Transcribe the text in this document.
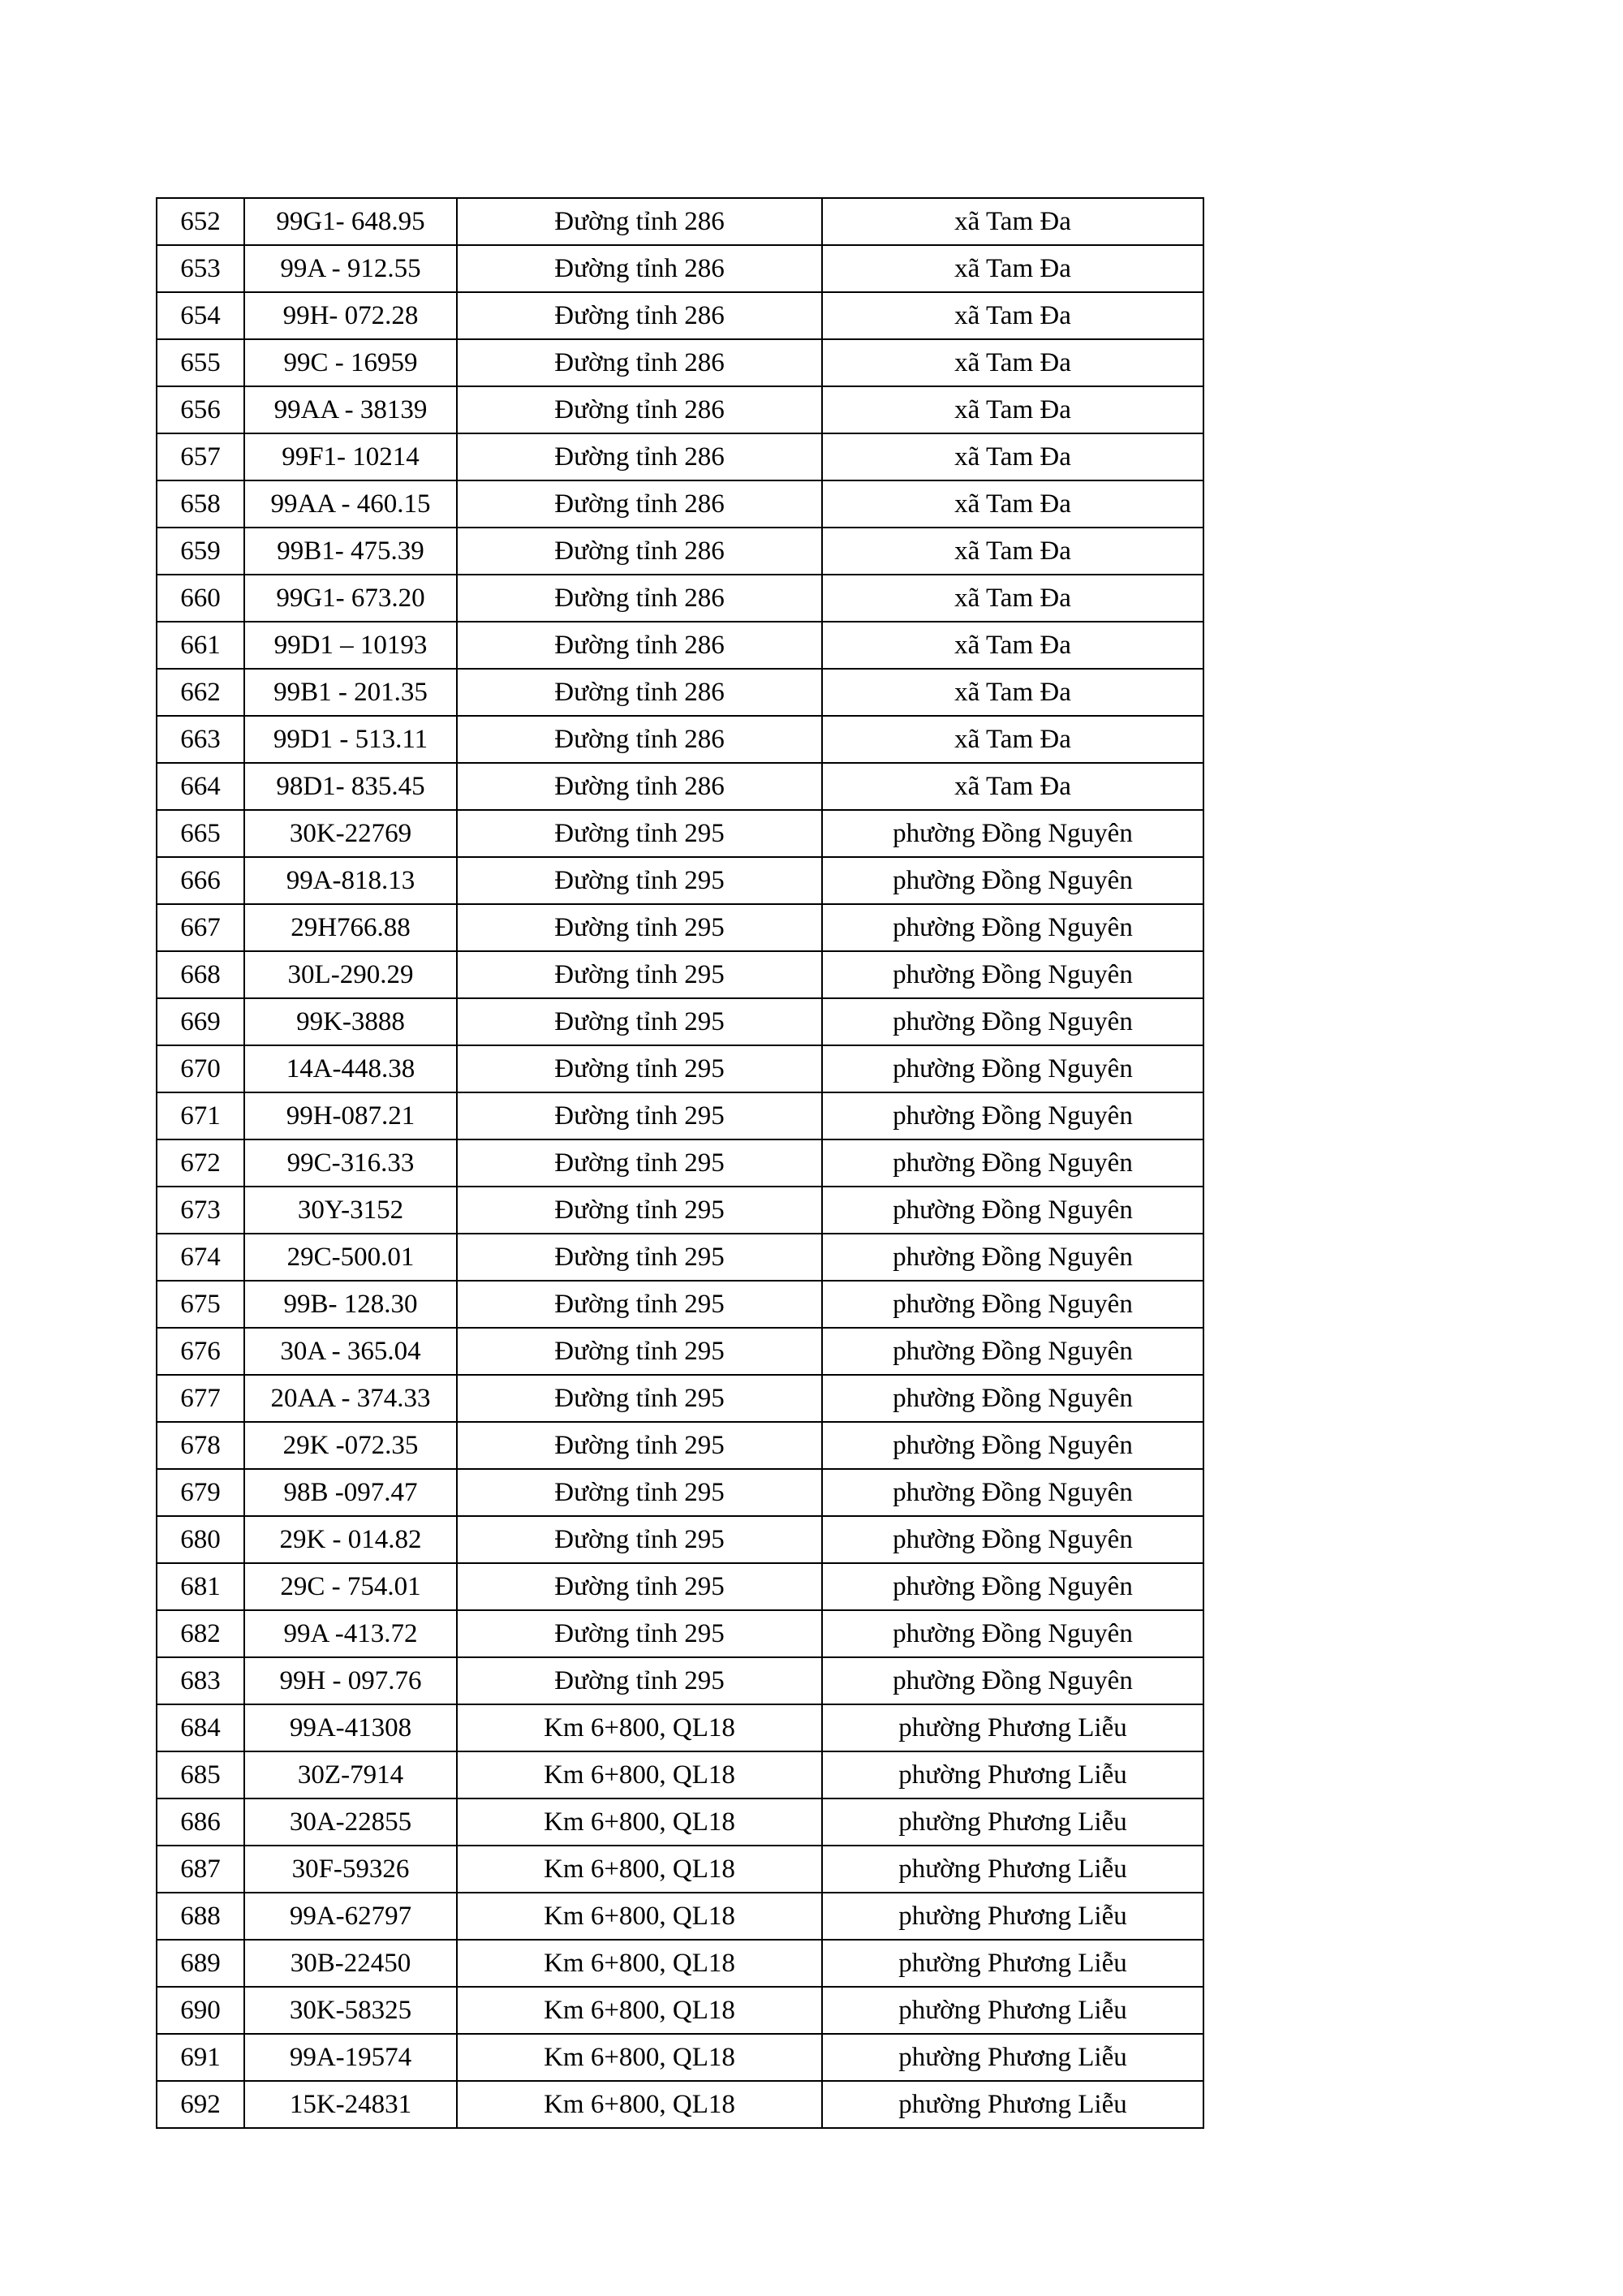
652	99G1- 648.95	Đường tỉnh 286	xã Tam Đa
653	99A - 912.55	Đường tỉnh 286	xã Tam Đa
654	99H- 072.28	Đường tỉnh 286	xã Tam Đa
655	99C - 16959	Đường tỉnh 286	xã Tam Đa
656	99AA - 38139	Đường tỉnh 286	xã Tam Đa
657	99F1- 10214	Đường tỉnh 286	xã Tam Đa
658	99AA - 460.15	Đường tỉnh 286	xã Tam Đa
659	99B1- 475.39	Đường tỉnh 286	xã Tam Đa
660	99G1- 673.20	Đường tỉnh 286	xã Tam Đa
661	99D1 – 10193	Đường tỉnh 286	xã Tam Đa
662	99B1 - 201.35	Đường tỉnh 286	xã Tam Đa
663	99D1 - 513.11	Đường tỉnh 286	xã Tam Đa
664	98D1- 835.45	Đường tỉnh 286	xã Tam Đa
665	30K-22769	Đường tỉnh 295	phường Đồng Nguyên
666	99A-818.13	Đường tỉnh 295	phường Đồng Nguyên
667	29H766.88	Đường tỉnh 295	phường Đồng Nguyên
668	30L-290.29	Đường tỉnh 295	phường Đồng Nguyên
669	99K-3888	Đường tỉnh 295	phường Đồng Nguyên
670	14A-448.38	Đường tỉnh 295	phường Đồng Nguyên
671	99H-087.21	Đường tỉnh 295	phường Đồng Nguyên
672	99C-316.33	Đường tỉnh 295	phường Đồng Nguyên
673	30Y-3152	Đường tỉnh 295	phường Đồng Nguyên
674	29C-500.01	Đường tỉnh 295	phường Đồng Nguyên
675	99B- 128.30	Đường tỉnh 295	phường Đồng Nguyên
676	30A - 365.04	Đường tỉnh 295	phường Đồng Nguyên
677	20AA - 374.33	Đường tỉnh 295	phường Đồng Nguyên
678	29K -072.35	Đường tỉnh 295	phường Đồng Nguyên
679	98B -097.47	Đường tỉnh 295	phường Đồng Nguyên
680	29K - 014.82	Đường tỉnh 295	phường Đồng Nguyên
681	29C - 754.01	Đường tỉnh 295	phường Đồng Nguyên
682	99A -413.72	Đường tỉnh 295	phường Đồng Nguyên
683	99H - 097.76	Đường tỉnh 295	phường Đồng Nguyên
684	99A-41308	Km 6+800, QL18	phường Phương Liễu
685	30Z-7914	Km 6+800, QL18	phường Phương Liễu
686	30A-22855	Km 6+800, QL18	phường Phương Liễu
687	30F-59326	Km 6+800, QL18	phường Phương Liễu
688	99A-62797	Km 6+800, QL18	phường Phương Liễu
689	30B-22450	Km 6+800, QL18	phường Phương Liễu
690	30K-58325	Km 6+800, QL18	phường Phương Liễu
691	99A-19574	Km 6+800, QL18	phường Phương Liễu
692	15K-24831	Km 6+800, QL18	phường Phương Liễu
